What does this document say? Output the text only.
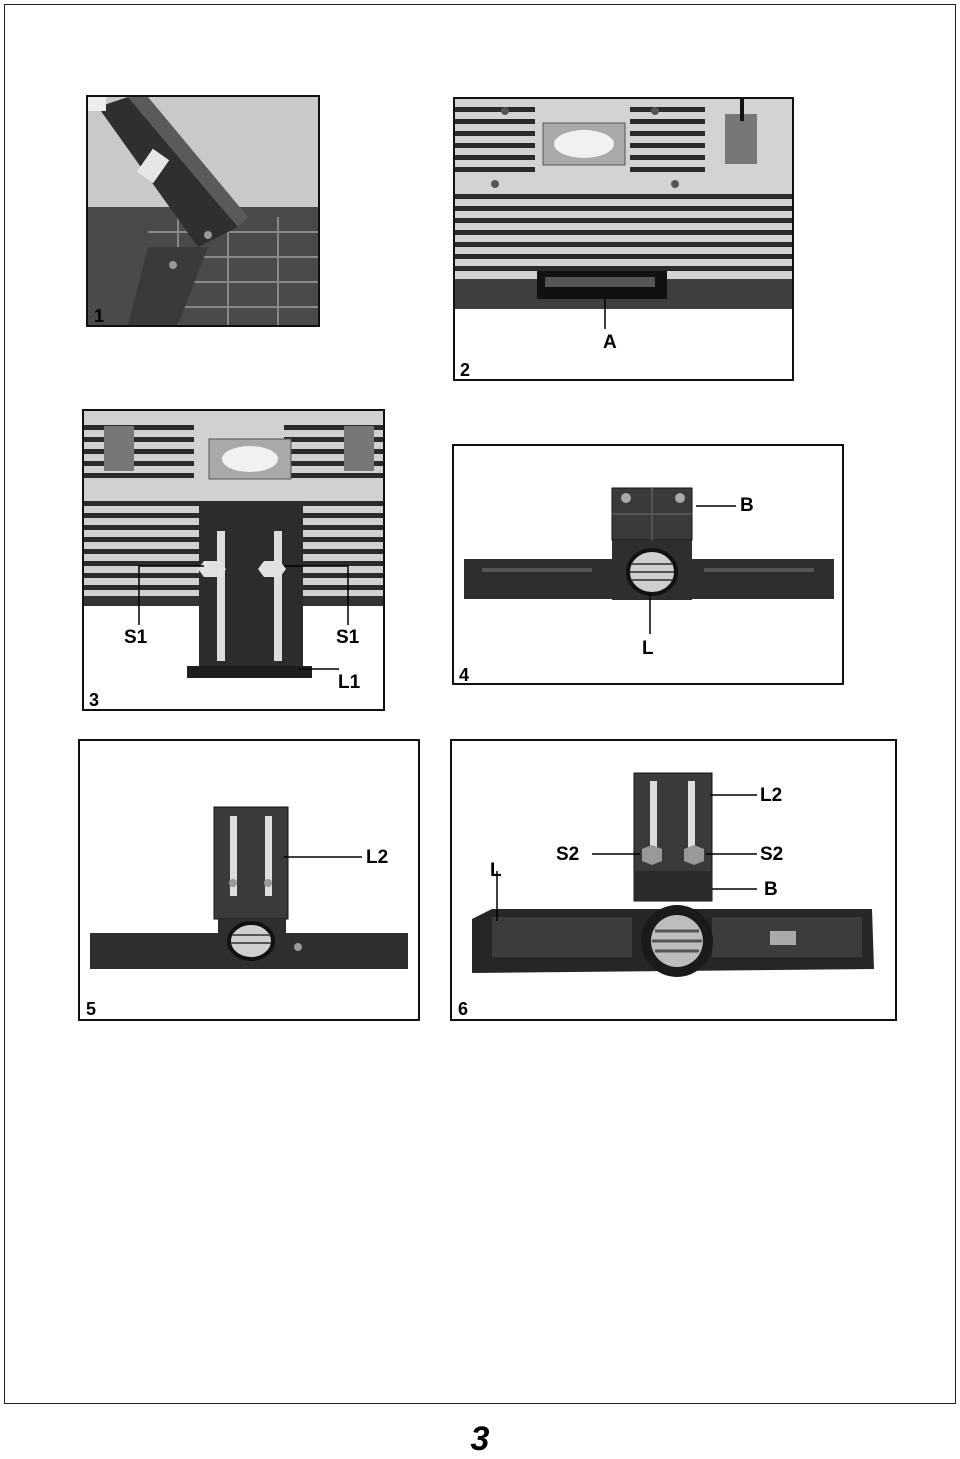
1
A
2
S1	S1
L1
3
B
L
4
L2
5
L2
S2	S2
B
L
6
3
